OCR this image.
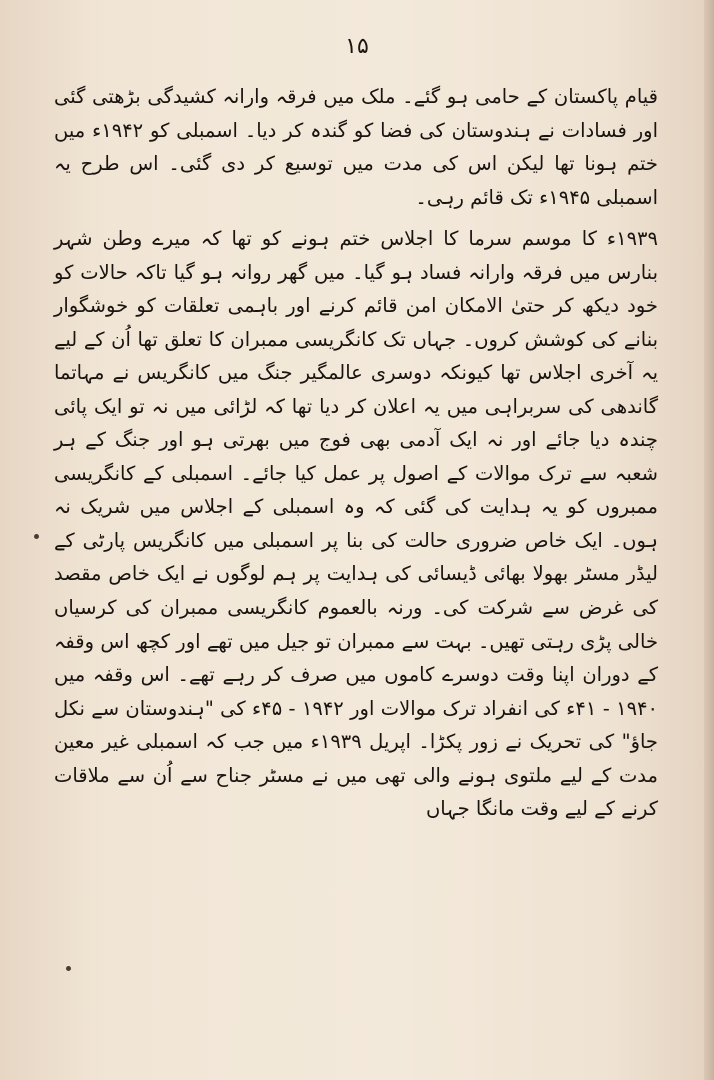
۱۵

قیام پاکستان کے حامی ہو گئے۔ ملک میں فرقہ وارانہ کشیدگی بڑھتی گئی اور فسادات نے ہندوستان کی فضا کو گندہ کر دیا۔ اسمبلی کو ۱۹۴۲ء میں ختم ہونا تھا لیکن اس کی مدت میں توسیع کر دی گئی۔ اس طرح یہ اسمبلی ۱۹۴۵ء تک قائم رہی۔

۱۹۳۹ء کا موسم سرما کا اجلاس ختم ہونے کو تھا کہ میرے وطن شہر بنارس میں فرقہ وارانہ فساد ہو گیا۔ میں گھر روانہ ہو گیا تاکہ حالات کو خود دیکھ کر حتیٰ الامکان امن قائم کرنے اور باہمی تعلقات کو خوشگوار بنانے کی کوشش کروں۔ جہاں تک کانگریسی ممبران کا تعلق تھا اُن کے لیے یہ آخری اجلاس تھا کیونکہ دوسری عالمگیر جنگ میں کانگریس نے مہاتما گاندھی کی سربراہی میں یہ اعلان کر دیا تھا کہ لڑائی میں نہ تو ایک پائی چندہ دیا جائے اور نہ ایک آدمی بھی فوج میں بھرتی ہو اور جنگ کے ہر شعبہ سے ترک موالات کے اصول پر عمل کیا جائے۔ اسمبلی کے کانگریسی ممبروں کو یہ ہدایت کی گئی کہ وہ اسمبلی کے اجلاس میں شریک نہ ہوں۔ ایک خاص ضروری حالت کی بنا پر اسمبلی میں کانگریس پارٹی کے لیڈر مسٹر بھولا بھائی ڈیسائی کی ہدایت پر ہم لوگوں نے ایک خاص مقصد کی غرض سے شرکت کی۔ ورنہ بالعموم کانگریسی ممبران کی کرسیاں خالی پڑی رہتی تھیں۔ بہت سے ممبران تو جیل میں تھے اور کچھ اس وقفہ کے دوران اپنا وقت دوسرے کاموں میں صرف کر رہے تھے۔ اس وقفہ میں ۱۹۴۰ - ۴۱ء کی انفراد ترک موالات اور ۱۹۴۲ - ۴۵ء کی "ہندوستان سے نکل جاؤ" کی تحریک نے زور پکڑا۔ اپریل ۱۹۳۹ء میں جب کہ اسمبلی غیر معین مدت کے لیے ملتوی ہونے والی تھی میں نے مسٹر جناح سے اُن سے ملاقات کرنے کے لیے وقت مانگا جہاں
